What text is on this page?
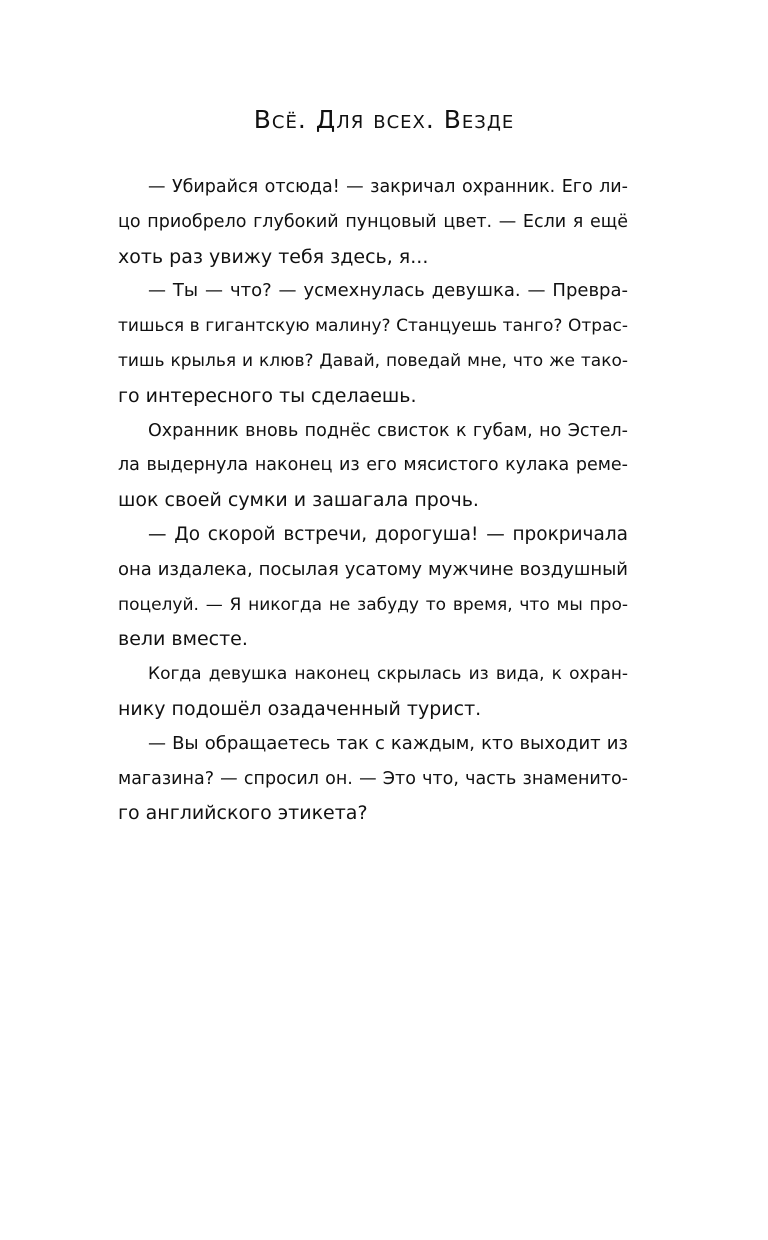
Всё. Для всех. Везде
— Убирайся отсюда! — закричал охранник. Его ли-
цо приобрело глубокий пунцовый цвет. — Если я ещё
хоть раз увижу тебя здесь, я...
— Ты — что? — усмехнулась девушка. — Превра-
тишься в гигантскую малину? Станцуешь танго? Отрас-
тишь крылья и клюв? Давай, поведай мне, что же тако-
го интересного ты сделаешь.
Охранник вновь поднёс свисток к губам, но Эстел-
ла выдернула наконец из его мясистого кулака реме-
шок своей сумки и зашагала прочь.
— До скорой встречи, дорогуша! — прокричала
она издалека, посылая усатому мужчине воздушный
поцелуй. — Я никогда не забуду то время, что мы про-
вели вместе.
Когда девушка наконец скрылась из вида, к охран-
нику подошёл озадаченный турист.
— Вы обращаетесь так с каждым, кто выходит из
магазина? — спросил он. — Это что, часть знаменито-
го английского этикета?
